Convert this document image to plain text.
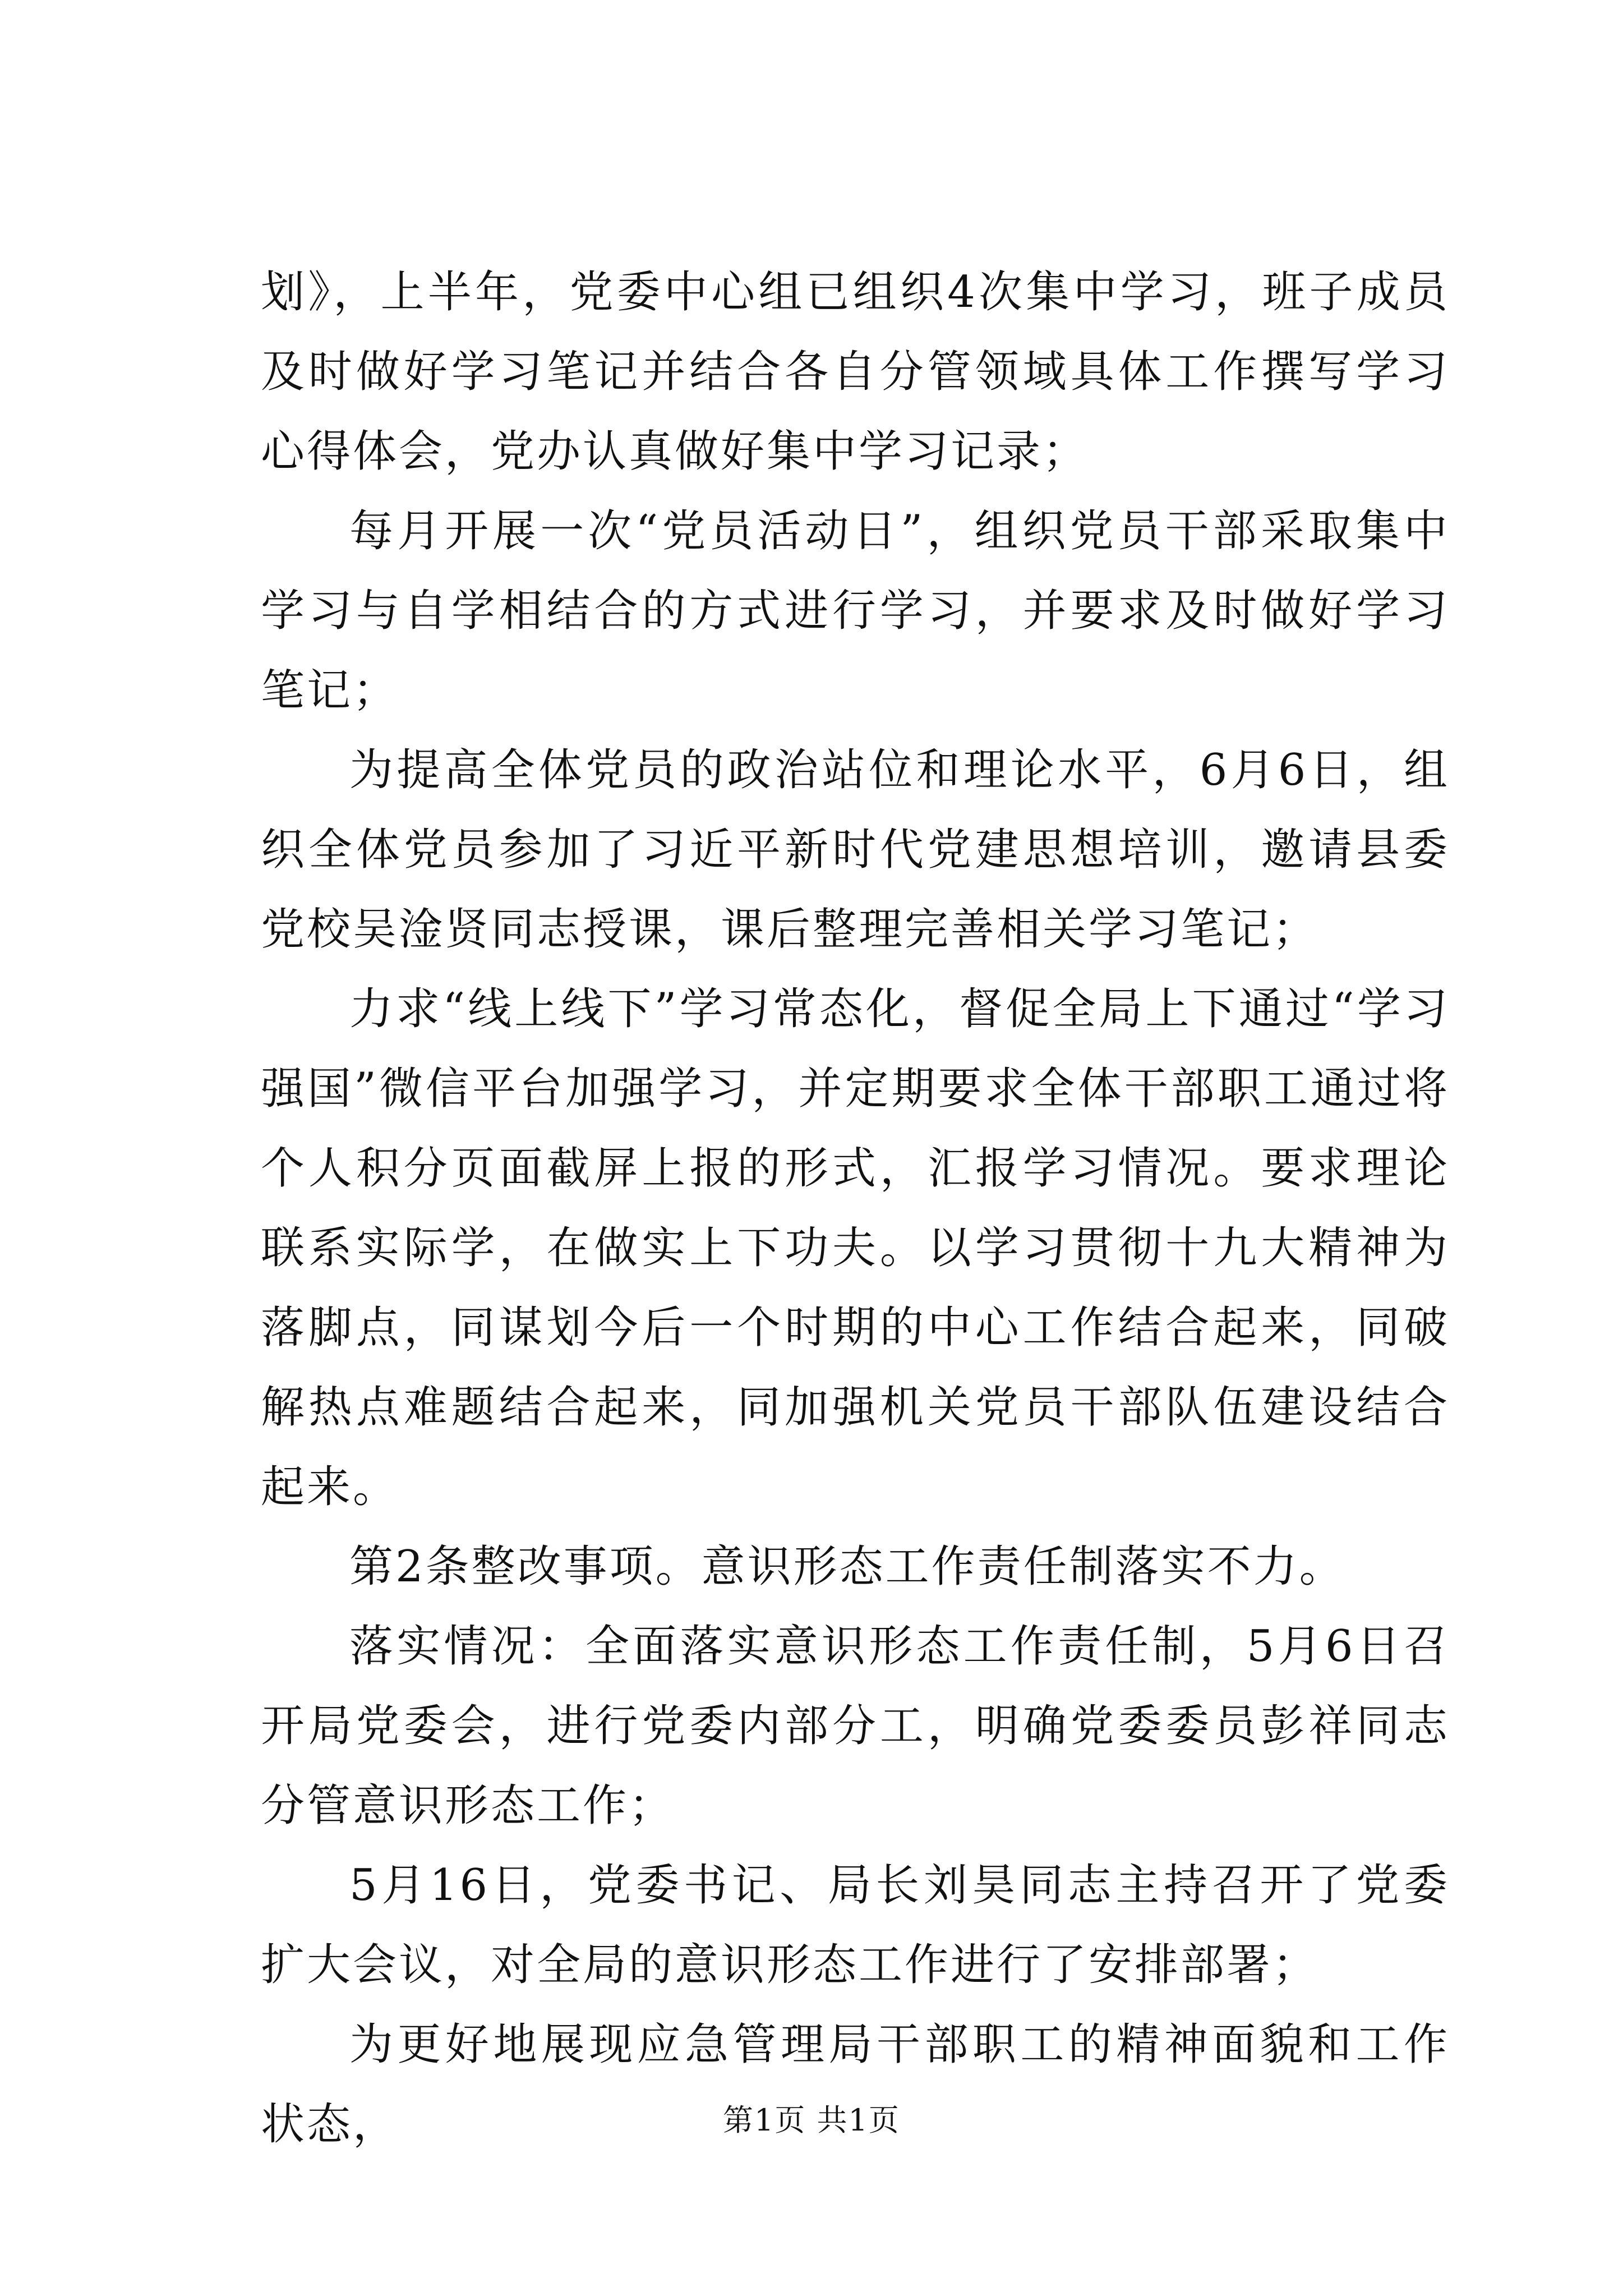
划》，上半年，党委中心组已组织4次集中学习，班子成员及时做好学习笔记并结合各自分管领域具体工作撰写学习心得体会，党办认真做好集中学习记录；

每月开展一次“党员活动日”，组织党员干部采取集中学习与自学相结合的方式进行学习，并要求及时做好学习笔记；

为提高全体党员的政治站位和理论水平，6月6日，组织全体党员参加了习近平新时代党建思想培训，邀请县委党校吴淦贤同志授课，课后整理完善相关学习笔记；

力求“线上线下”学习常态化，督促全局上下通过“学习强国”微信平台加强学习，并定期要求全体干部职工通过将个人积分页面截屏上报的形式，汇报学习情况。要求理论联系实际学，在做实上下功夫。以学习贯彻十九大精神为落脚点，同谋划今后一个时期的中心工作结合起来，同破解热点难题结合起来，同加强机关党员干部队伍建设结合起来。

第2条整改事项。意识形态工作责任制落实不力。

落实情况：全面落实意识形态工作责任制，5月6日召开局党委会，进行党委内部分工，明确党委委员彭祥同志分管意识形态工作；

5月16日，党委书记、局长刘昊同志主持召开了党委扩大会议，对全局的意识形态工作进行了安排部署；

为更好地展现应急管理局干部职工的精神面貌和工作状态，	第1页 共1页
